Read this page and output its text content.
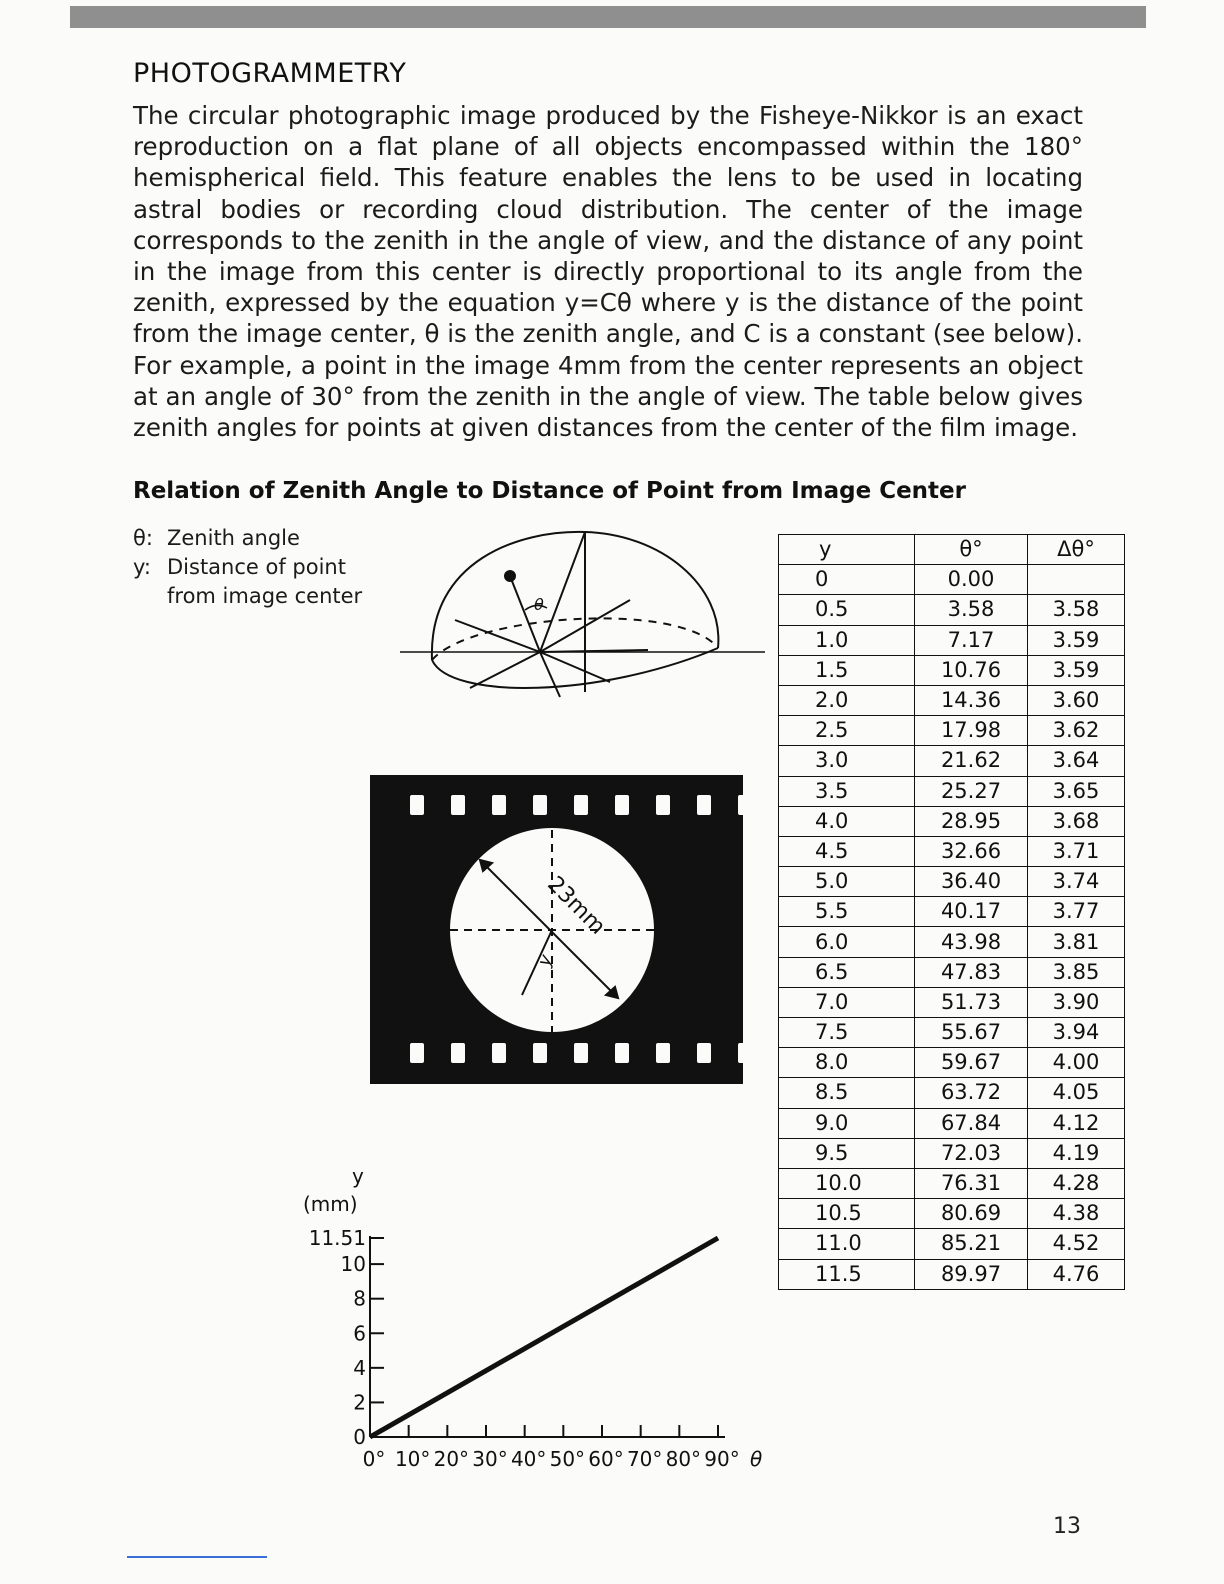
PHOTOGRAMMETRY

The circular photographic image produced by the Fisheye-Nikkor is an exact reproduction on a flat plane of all objects encompassed within the 180° hemispherical field. This feature enables the lens to be used in locating astral bodies or recording cloud distribution. The center of the image corresponds to the zenith in the angle of view, and the distance of any point in the image from this center is directly proportional to its angle from the zenith, expressed by the equation y=Cθ where y is the distance of the point from the image center, θ is the zenith angle, and C is a constant (see below). For example, a point in the image 4mm from the center represents an object at an angle of 30° from the zenith in the angle of view. The table below gives zenith angles for points at given distances from the center of the film image.

Relation of Zenith Angle to Distance of Point from Image Center
θ: Zenith angle
y: Distance of point
from image center	θ
23mm
y
y
(mm)
0
2
4
6
8
10
11.51
0° 10° 20° 30° 40° 50° 60° 70° 80° 90° θ
y	θ°	Δθ°
0	0.00	
0.5	3.58	3.58
1.0	7.17	3.59
1.5	10.76	3.59
2.0	14.36	3.60
2.5	17.98	3.62
3.0	21.62	3.64
3.5	25.27	3.65
4.0	28.95	3.68
4.5	32.66	3.71
5.0	36.40	3.74
5.5	40.17	3.77
6.0	43.98	3.81
6.5	47.83	3.85
7.0	51.73	3.90
7.5	55.67	3.94
8.0	59.67	4.00
8.5	63.72	4.05
9.0	67.84	4.12
9.5	72.03	4.19
10.0	76.31	4.28
10.5	80.69	4.38
11.0	85.21	4.52
11.5	89.97	4.76
13
